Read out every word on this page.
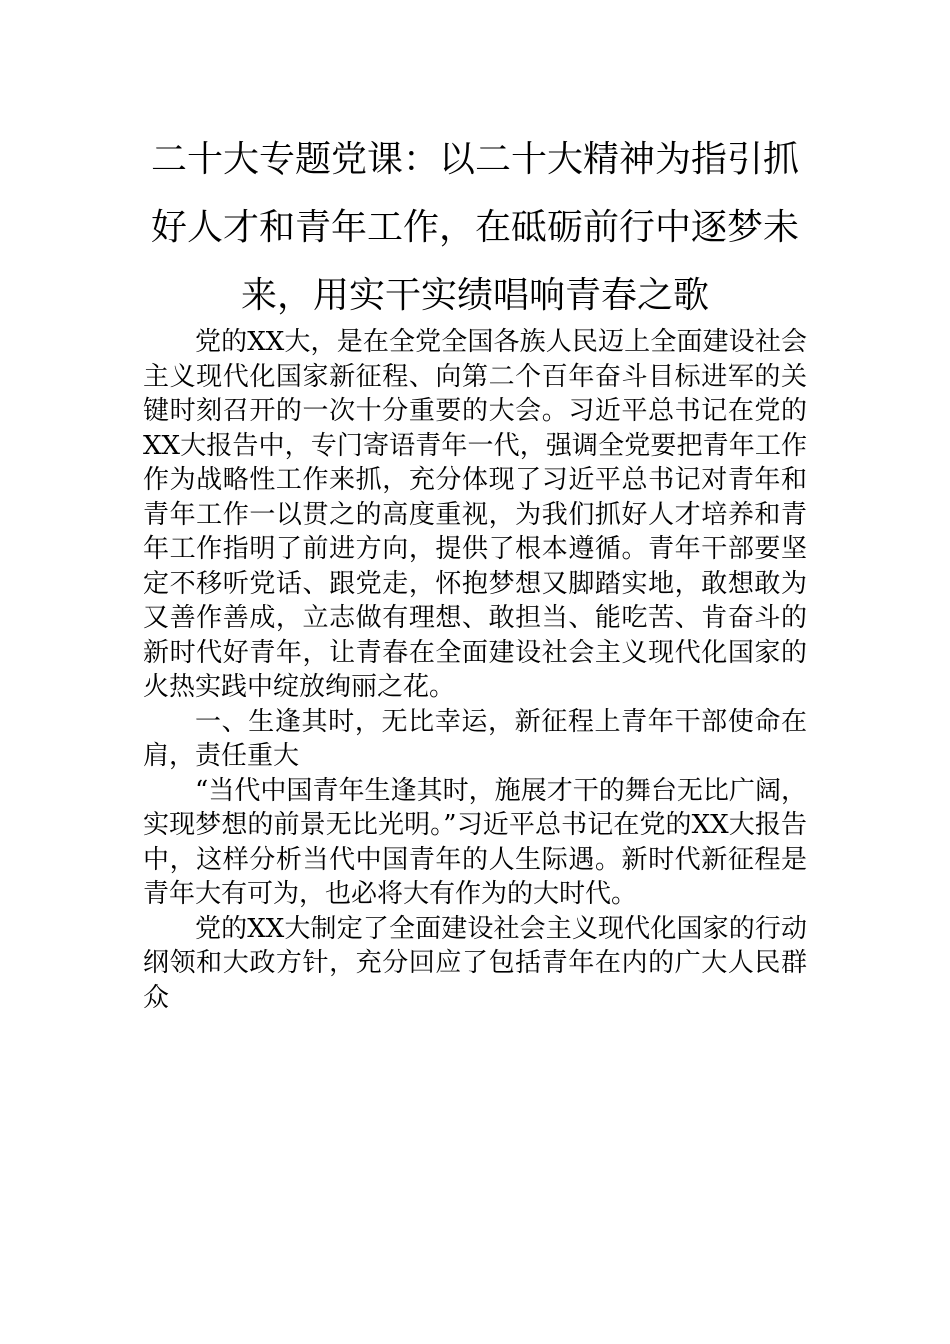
二十大专题党课：以二十大精神为指引抓好人才和青年工作，在砥砺前行中逐梦未来，用实干实绩唱响青春之歌

党的XX大，是在全党全国各族人民迈上全面建设社会主义现代化国家新征程、向第二个百年奋斗目标进军的关键时刻召开的一次十分重要的大会。习近平总书记在党的XX大报告中，专门寄语青年一代，强调全党要把青年工作作为战略性工作来抓，充分体现了习近平总书记对青年和青年工作一以贯之的高度重视，为我们抓好人才培养和青年工作指明了前进方向，提供了根本遵循。青年干部要坚定不移听党话、跟党走，怀抱梦想又脚踏实地，敢想敢为又善作善成，立志做有理想、敢担当、能吃苦、肯奋斗的新时代好青年，让青春在全面建设社会主义现代化国家的火热实践中绽放绚丽之花。

一、生逢其时，无比幸运，新征程上青年干部使命在肩，责任重大

“当代中国青年生逢其时，施展才干的舞台无比广阔，实现梦想的前景无比光明。”习近平总书记在党的XX大报告中，这样分析当代中国青年的人生际遇。新时代新征程是青年大有可为，也必将大有作为的大时代。

党的XX大制定了全面建设社会主义现代化国家的行动纲领和大政方针，充分回应了包括青年在内的广大人民群众
